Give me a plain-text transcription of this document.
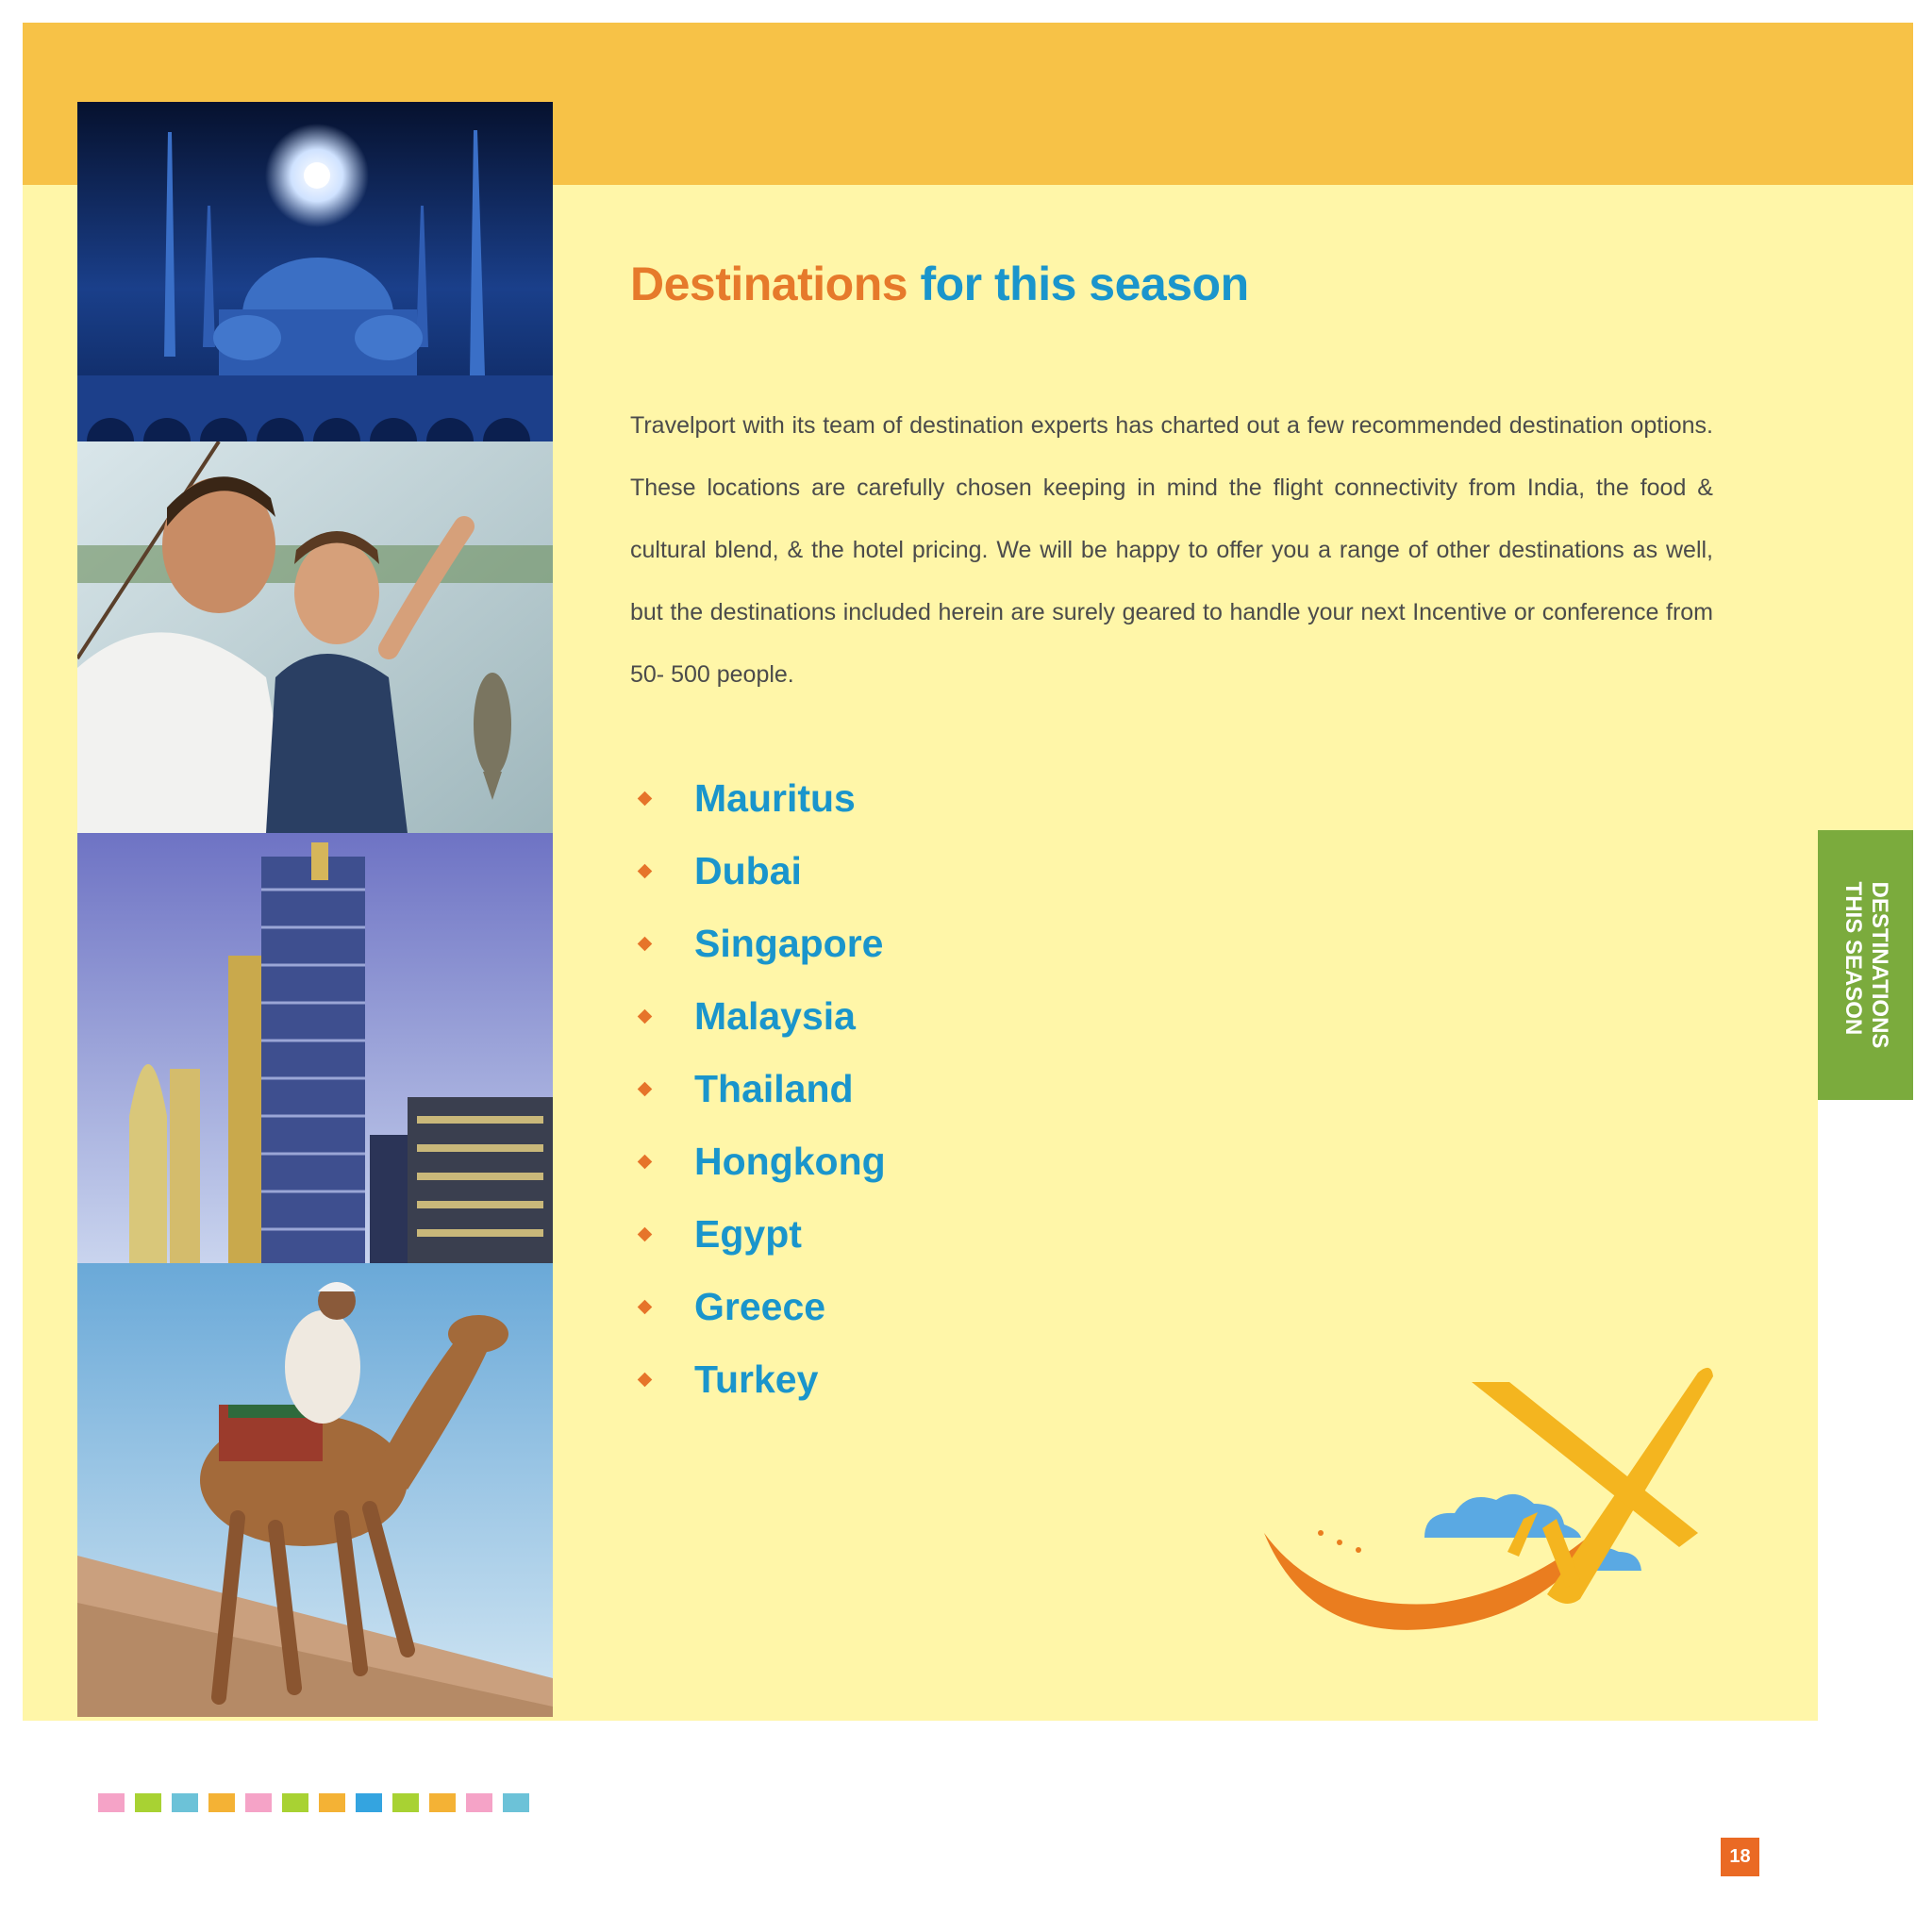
Destinations for this season

Travelport with its team of destination experts has charted out a few recommended destination options. These locations are carefully chosen keeping in mind the flight connectivity from India, the food & cultural blend, & the hotel pricing. We will be happy to offer you a range of other destinations as well, but the destinations included herein are surely geared to handle your next Incentive or conference from 50- 500 people.

Mauritus
Dubai
Singapore
Malaysia
Thailand
Hongkong
Egypt
Greece
Turkey
DESTINATIONS
THIS SEASON
18
